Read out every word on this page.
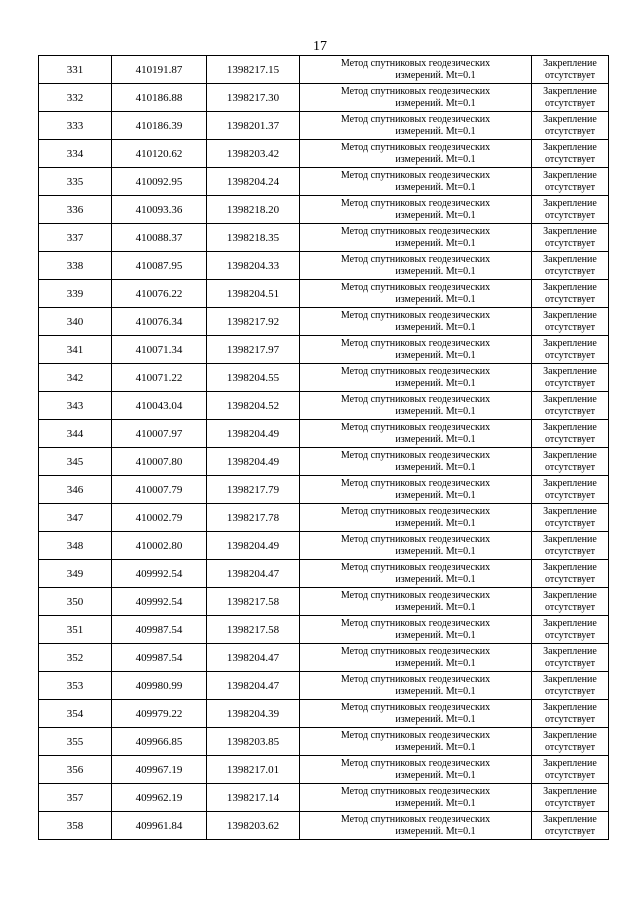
17
331	410191.87	1398217.15	Метод спутниковых геодезических
измерений. Mt=0.1	Закрепление
отсутствует

332	410186.88	1398217.30	Метод спутниковых геодезических
измерений. Mt=0.1	Закрепление
отсутствует

333	410186.39	1398201.37	Метод спутниковых геодезических
измерений. Mt=0.1	Закрепление
отсутствует

334	410120.62	1398203.42	Метод спутниковых геодезических
измерений. Mt=0.1	Закрепление
отсутствует

335	410092.95	1398204.24	Метод спутниковых геодезических
измерений. Mt=0.1	Закрепление
отсутствует

336	410093.36	1398218.20	Метод спутниковых геодезических
измерений. Mt=0.1	Закрепление
отсутствует

337	410088.37	1398218.35	Метод спутниковых геодезических
измерений. Mt=0.1	Закрепление
отсутствует

338	410087.95	1398204.33	Метод спутниковых геодезических
измерений. Mt=0.1	Закрепление
отсутствует

339	410076.22	1398204.51	Метод спутниковых геодезических
измерений. Mt=0.1	Закрепление
отсутствует

340	410076.34	1398217.92	Метод спутниковых геодезических
измерений. Mt=0.1	Закрепление
отсутствует

341	410071.34	1398217.97	Метод спутниковых геодезических
измерений. Mt=0.1	Закрепление
отсутствует

342	410071.22	1398204.55	Метод спутниковых геодезических
измерений. Mt=0.1	Закрепление
отсутствует

343	410043.04	1398204.52	Метод спутниковых геодезических
измерений. Mt=0.1	Закрепление
отсутствует

344	410007.97	1398204.49	Метод спутниковых геодезических
измерений. Mt=0.1	Закрепление
отсутствует

345	410007.80	1398204.49	Метод спутниковых геодезических
измерений. Mt=0.1	Закрепление
отсутствует

346	410007.79	1398217.79	Метод спутниковых геодезических
измерений. Mt=0.1	Закрепление
отсутствует

347	410002.79	1398217.78	Метод спутниковых геодезических
измерений. Mt=0.1	Закрепление
отсутствует

348	410002.80	1398204.49	Метод спутниковых геодезических
измерений. Mt=0.1	Закрепление
отсутствует

349	409992.54	1398204.47	Метод спутниковых геодезических
измерений. Mt=0.1	Закрепление
отсутствует

350	409992.54	1398217.58	Метод спутниковых геодезических
измерений. Mt=0.1	Закрепление
отсутствует

351	409987.54	1398217.58	Метод спутниковых геодезических
измерений. Mt=0.1	Закрепление
отсутствует

352	409987.54	1398204.47	Метод спутниковых геодезических
измерений. Mt=0.1	Закрепление
отсутствует

353	409980.99	1398204.47	Метод спутниковых геодезических
измерений. Mt=0.1	Закрепление
отсутствует

354	409979.22	1398204.39	Метод спутниковых геодезических
измерений. Mt=0.1	Закрепление
отсутствует

355	409966.85	1398203.85	Метод спутниковых геодезических
измерений. Mt=0.1	Закрепление
отсутствует

356	409967.19	1398217.01	Метод спутниковых геодезических
измерений. Mt=0.1	Закрепление
отсутствует

357	409962.19	1398217.14	Метод спутниковых геодезических
измерений. Mt=0.1	Закрепление
отсутствует

358	409961.84	1398203.62	Метод спутниковых геодезических
измерений. Mt=0.1	Закрепление
отсутствует
